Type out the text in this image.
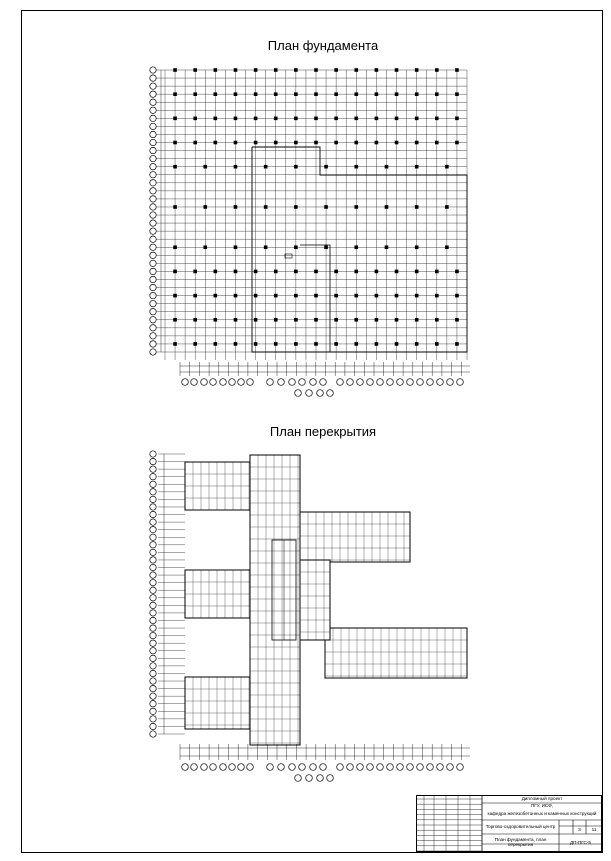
План фундамента
План перекрытия
Дипломный проект
ПГУ, ИСФ,
кафедра железобетонных и каменных конструкций
Торгово-оздоровительный центр
План фундамента, план перекрытия
3	11
ДП-ПГС-5
